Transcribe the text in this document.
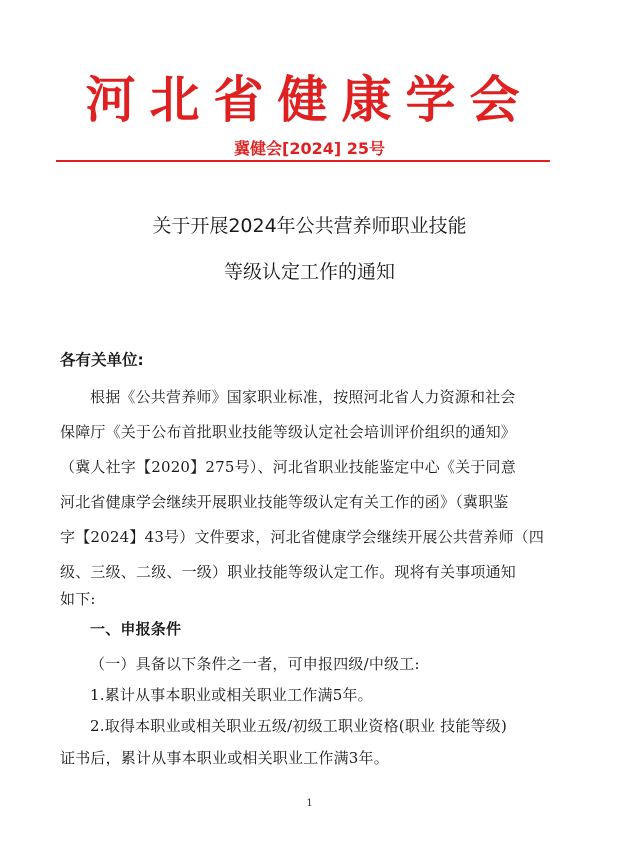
河北省健康学会
冀健会[2024] 25号
关于开展2024年公共营养师职业技能
等级认定工作的通知
各有关单位:
根据《公共营养师》国家职业标准，按照河北省人力资源和社会
保障厅《关于公布首批职业技能等级认定社会培训评价组织的通知》
（冀人社字【2020】275号）、河北省职业技能鉴定中心《关于同意
河北省健康学会继续开展职业技能等级认定有关工作的函》（冀职鉴
字【2024】43号）文件要求，河北省健康学会继续开展公共营养师（四
级、三级、二级、一级）职业技能等级认定工作。现将有关事项通知
如下:
一、申报条件
（一）具备以下条件之一者，可申报四级/中级工:
1.累计从事本职业或相关职业工作满5年。
2.取得本职业或相关职业五级/初级工职业资格(职业 技能等级)
证书后，累计从事本职业或相关职业工作满3年。
1
